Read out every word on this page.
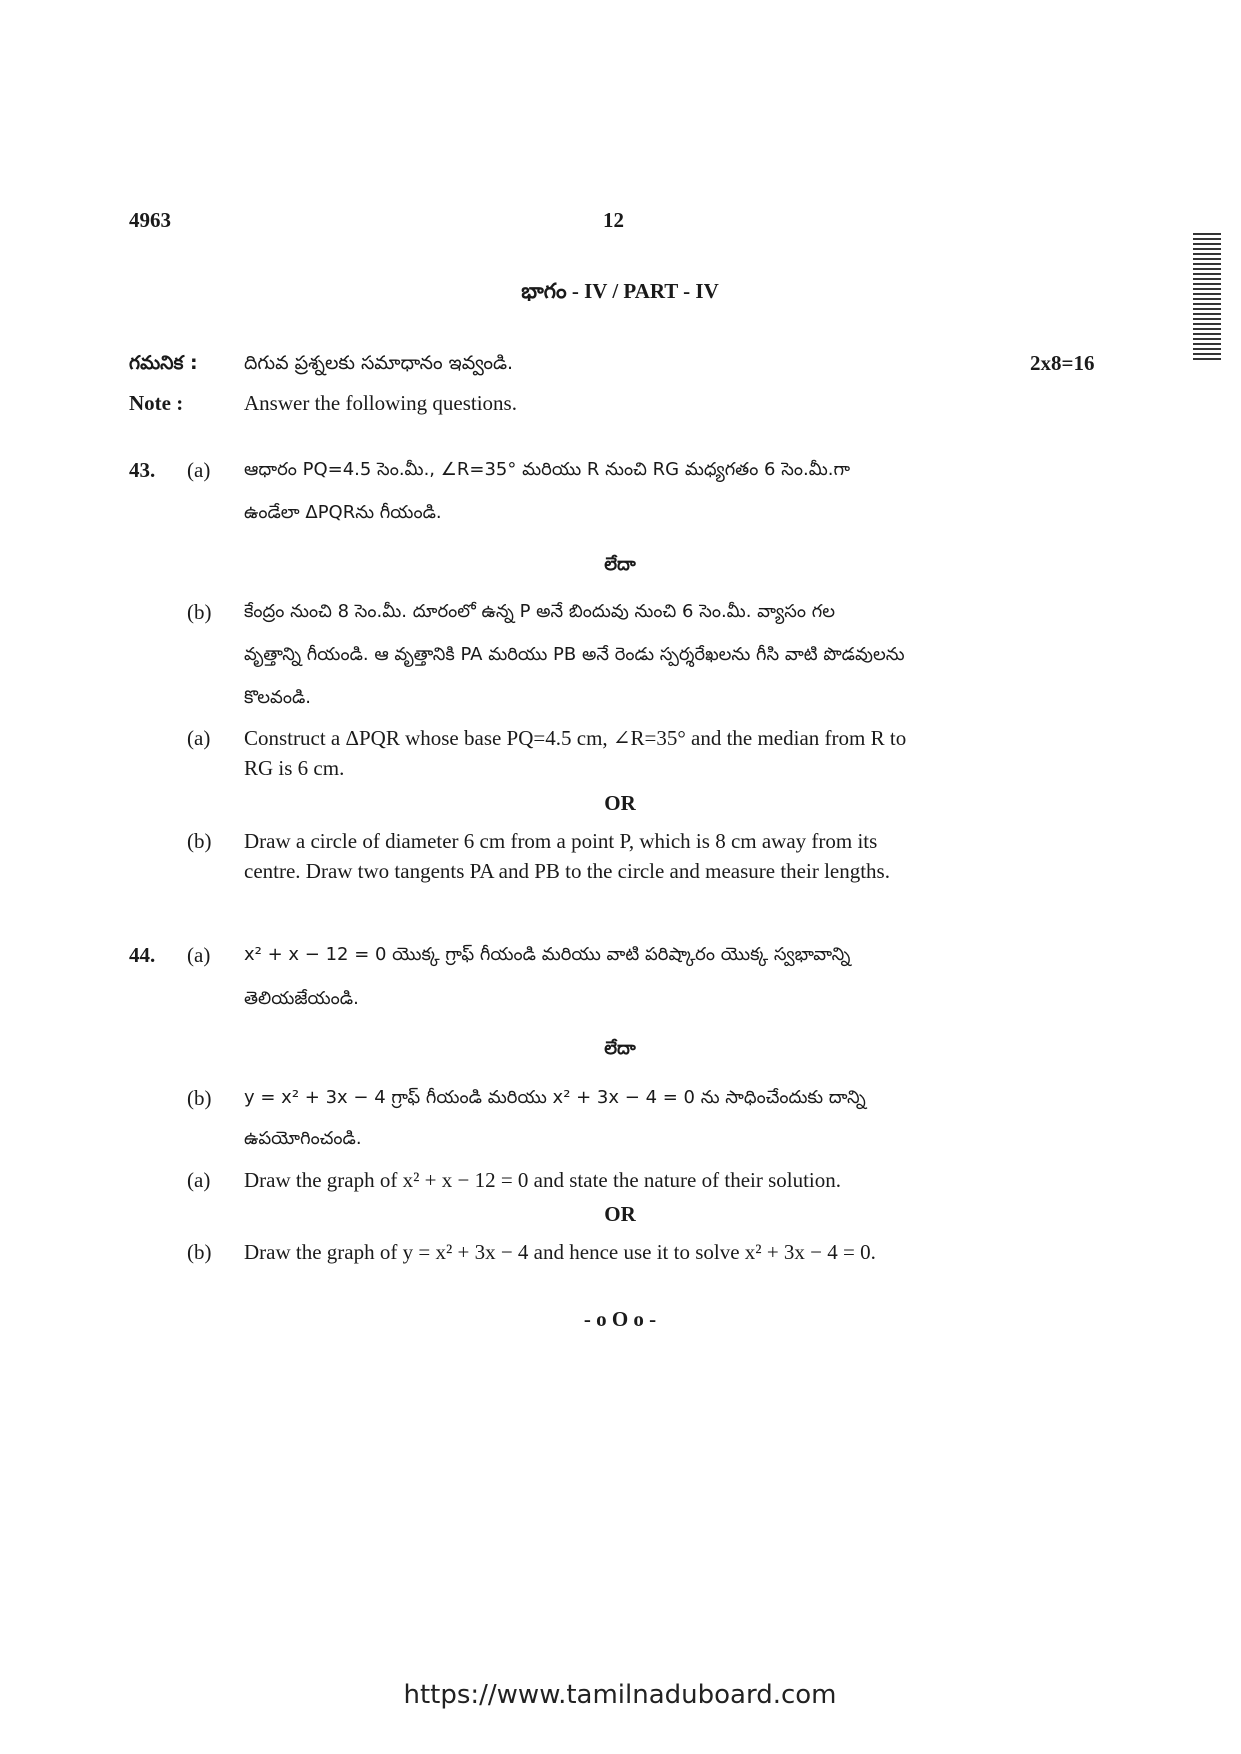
4963	12
భాగం - IV / PART - IV
గమనిక : దిగువ ప్రశ్నలకు సమాధానం ఇవ్వండి.	2x8=16
Note :	Answer the following questions.
43. (a) ఆధారం PQ=4.5 సెం.మీ., ∠R=35° మరియు R నుంచి RG మధ్యగతం 6 సెం.మీ.గా
ఉండేలా ΔPQRను గీయండి.
లేదా
(b) కేంద్రం నుంచి 8 సెం.మీ. దూరంలో ఉన్న P అనే బిందువు నుంచి 6 సెం.మీ. వ్యాసం గల
వృత్తాన్ని గీయండి. ఆ వృత్తానికి PA మరియు PB అనే రెండు స్పర్శరేఖలను గీసి వాటి పొడవులను
కొలవండి.
(a) Construct a ΔPQR whose base PQ=4.5 cm, ∠R=35° and the median from R to
RG is 6 cm.
OR
(b) Draw a circle of diameter 6 cm from a point P, which is 8 cm away from its
centre. Draw two tangents PA and PB to the circle and measure their lengths.
44. (a) x² + x − 12 = 0 యొక్క గ్రాఫ్ గీయండి మరియు వాటి పరిష్కారం యొక్క స్వభావాన్ని
తెలియజేయండి.
లేదా
(b) y = x² + 3x − 4 గ్రాఫ్ గీయండి మరియు x² + 3x − 4 = 0 ను సాధించేందుకు దాన్ని
ఉపయోగించండి.
(a) Draw the graph of x² + x − 12 = 0 and state the nature of their solution.
OR
(b) Draw the graph of y = x² + 3x − 4 and hence use it to solve x² + 3x − 4 = 0.
- o O o -
https://www.tamilnaduboard.com
